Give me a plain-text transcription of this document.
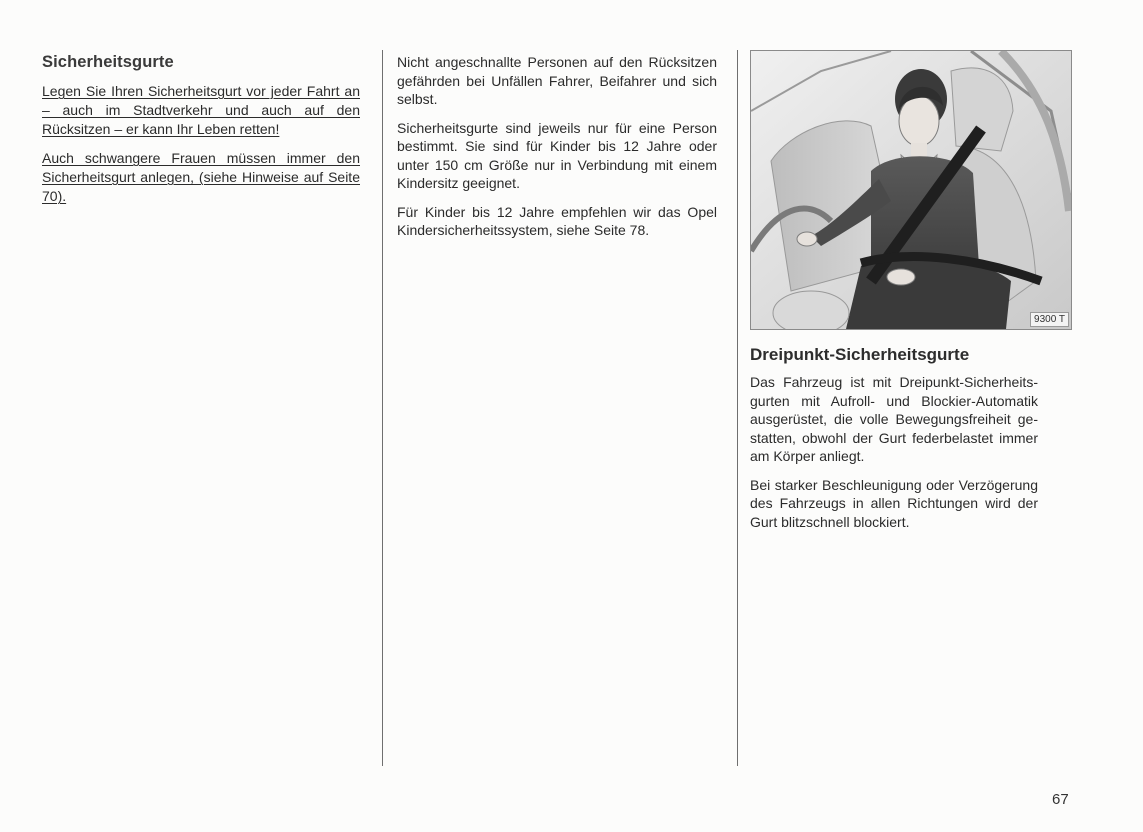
Sicherheitsgurte

Legen Sie Ihren Sicherheitsgurt vor jeder Fahrt an – auch im Stadtverkehr und auch auf den Rücksitzen – er kann Ihr Leben retten!

Auch schwangere Frauen müssen immer den Sicherheitsgurt anlegen, (siehe Hinweise auf Seite 70).

Nicht angeschnallte Personen auf den Rücksitzen gefährden bei Unfällen Fahrer, Beifahrer und sich selbst.

Sicherheitsgurte sind jeweils nur für eine Person bestimmt. Sie sind für Kinder bis 12 Jahre oder unter 150 cm Größe nur in Verbindung mit einem Kindersitz geeignet.

Für Kinder bis 12 Jahre empfehlen wir das Opel Kindersicherheitssystem, siehe Seite 78.

9300 T
Dreipunkt-Sicherheitsgurte

Das Fahrzeug ist mit Dreipunkt-Sicherheitsgurten mit Aufroll- und Blockier-Automatik ausgerüstet, die volle Bewegungsfreiheit gestatten, obwohl der Gurt federbelastet immer am Körper anliegt.

Bei starker Beschleunigung oder Verzögerung des Fahrzeugs in allen Richtungen wird der Gurt blitzschnell blockiert.

67
